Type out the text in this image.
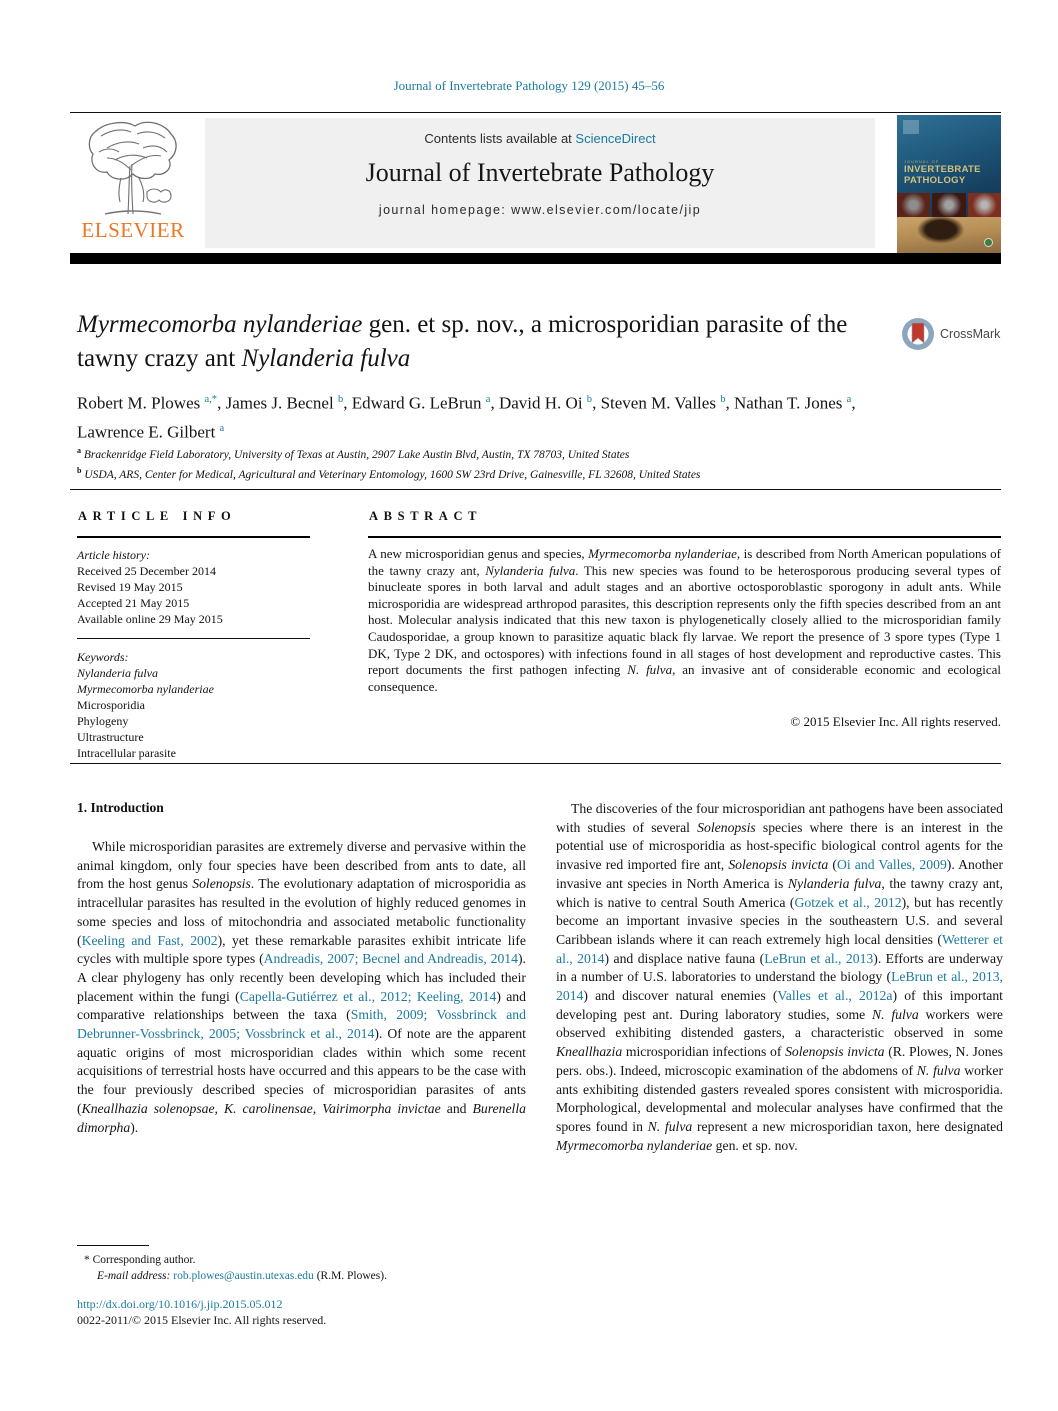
Journal of Invertebrate Pathology 129 (2015) 45–56
ELSEVIER
Contents lists available at ScienceDirect
Journal of Invertebrate Pathology
journal homepage: www.elsevier.com/locate/jip
JOURNAL OF
INVERTEBRATE
PATHOLOGY
Myrmecomorba nylanderiae gen. et sp. nov., a microsporidian parasite of the tawny crazy ant Nylanderia fulva
CrossMark
Robert M. Plowes $^{a,*}$, James J. Becnel $^b$, Edward G. LeBrun $^a$, David H. Oi $^b$, Steven M. Valles $^b$, Nathan T. Jones $^a$, Lawrence E. Gilbert $^a$
$^a$ Brackenridge Field Laboratory, University of Texas at Austin, 2907 Lake Austin Blvd, Austin, TX 78703, United States
$^b$ USDA, ARS, Center for Medical, Agricultural and Veterinary Entomology, 1600 SW 23rd Drive, Gainesville, FL 32608, United States
ARTICLE INFO
Article history:
Received 25 December 2014
Revised 19 May 2015
Accepted 21 May 2015
Available online 29 May 2015
Keywords:
Nylanderia fulva
Myrmecomorba nylanderiae
Microsporidia
Phylogeny
Ultrastructure
Intracellular parasite
ABSTRACT
A new microsporidian genus and species, Myrmecomorba nylanderiae, is described from North American populations of the tawny crazy ant, Nylanderia fulva. This new species was found to be heterosporous producing several types of binucleate spores in both larval and adult stages and an abortive octosporoblastic sporogony in adult ants. While microsporidia are widespread arthropod parasites, this description represents only the fifth species described from an ant host. Molecular analysis indicated that this new taxon is phylogenetically closely allied to the microsporidian family Caudosporidae, a group known to parasitize aquatic black fly larvae. We report the presence of 3 spore types (Type 1 DK, Type 2 DK, and octospores) with infections found in all stages of host development and reproductive castes. This report documents the first pathogen infecting N. fulva, an invasive ant of considerable economic and ecological consequence.
© 2015 Elsevier Inc. All rights reserved.
1. Introduction

While microsporidian parasites are extremely diverse and pervasive within the animal kingdom, only four species have been described from ants to date, all from the host genus Solenopsis. The evolutionary adaptation of microsporidia as intracellular parasites has resulted in the evolution of highly reduced genomes in some species and loss of mitochondria and associated metabolic functionality (Keeling and Fast, 2002), yet these remarkable parasites exhibit intricate life cycles with multiple spore types (Andreadis, 2007; Becnel and Andreadis, 2014). A clear phylogeny has only recently been developing which has included their placement within the fungi (Capella-Gutiérrez et al., 2012; Keeling, 2014) and comparative relationships between the taxa (Smith, 2009; Vossbrinck and Debrunner-Vossbrinck, 2005; Vossbrinck et al., 2014). Of note are the apparent aquatic origins of most microsporidian clades within which some recent acquisitions of terrestrial hosts have occurred and this appears to be the case with the four previously described species of microsporidian parasites of ants (Kneallhazia solenopsae, K. carolinensae, Vairimorpha invictae and Burenella dimorpha).

The discoveries of the four microsporidian ant pathogens have been associated with studies of several Solenopsis species where there is an interest in the potential use of microsporidia as host-specific biological control agents for the invasive red imported fire ant, Solenopsis invicta (Oi and Valles, 2009). Another invasive ant species in North America is Nylanderia fulva, the tawny crazy ant, which is native to central South America (Gotzek et al., 2012), but has recently become an important invasive species in the southeastern U.S. and several Caribbean islands where it can reach extremely high local densities (Wetterer et al., 2014) and displace native fauna (LeBrun et al., 2013). Efforts are underway in a number of U.S. laboratories to understand the biology (LeBrun et al., 2013, 2014) and discover natural enemies (Valles et al., 2012a) of this important developing pest ant. During laboratory studies, some N. fulva workers were observed exhibiting distended gasters, a characteristic observed in some Kneallhazia microsporidian infections of Solenopsis invicta (R. Plowes, N. Jones pers. obs.). Indeed, microscopic examination of the abdomens of N. fulva worker ants exhibiting distended gasters revealed spores consistent with microsporidia. Morphological, developmental and molecular analyses have confirmed that the spores found in N. fulva represent a new microsporidian taxon, here designated Myrmecomorba nylanderiae gen. et sp. nov.

* Corresponding author.
E-mail address: rob.plowes@austin.utexas.edu (R.M. Plowes).
http://dx.doi.org/10.1016/j.jip.2015.05.012
0022-2011/© 2015 Elsevier Inc. All rights reserved.
